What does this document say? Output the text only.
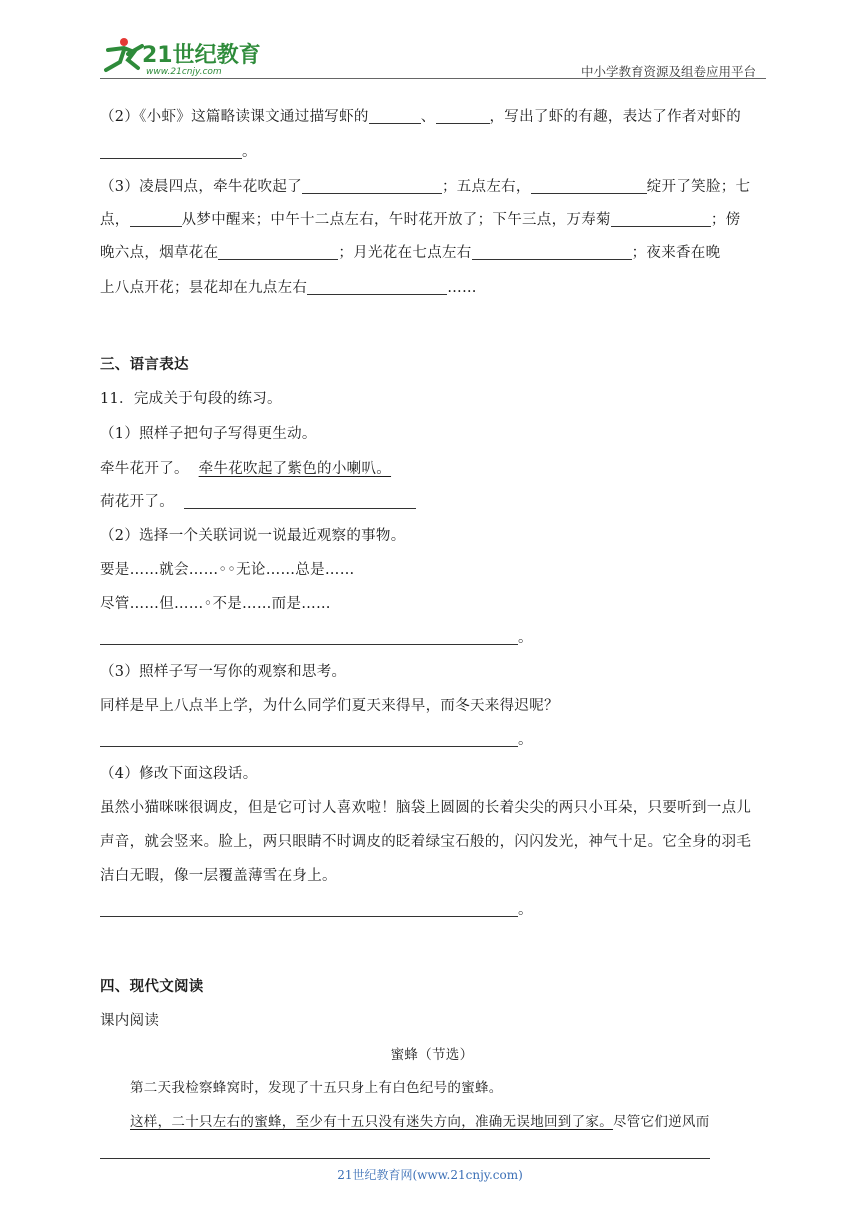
21世纪教育
www.21cnjy.com	中小学教育资源及组卷应用平台
（2）《小虾》这篇略读课文通过描写虾的	、	，写出了虾的有趣，表达了作者对虾的
。
（3）凌晨四点，牵牛花吹起了	；五点左右，	绽开了笑脸；七
点，	从梦中醒来；中午十二点左右，午时花开放了；下午三点，万寿菊	；傍
晚六点，烟草花在	；月光花在七点左右	；夜来香在晚
上八点开花；昙花却在九点左右	……
三、语言表达
11．完成关于句段的练习。
（1）照样子把句子写得更生动。
牵牛花开了。 牵牛花吹起了紫色的小喇叭。
荷花开了。
（2）选择一个关联词说一说最近观察的事物。
要是……就会……◦◦无论……总是……
尽管……但……◦不是……而是……
。
（3）照样子写一写你的观察和思考。
同样是早上八点半上学，为什么同学们夏天来得早，而冬天来得迟呢？
。
（4）修改下面这段话。
虽然小猫咪咪很调皮，但是它可讨人喜欢啦！脑袋上圆圆的长着尖尖的两只小耳朵，只要听到一点儿
声音，就会竖来。脸上，两只眼睛不时调皮的眨着绿宝石般的，闪闪发光，神气十足。它全身的羽毛
洁白无暇，像一层覆盖薄雪在身上。
。
四、现代文阅读
课内阅读
蜜蜂（节选）
第二天我检察蜂窝时，发现了十五只身上有白色纪号的蜜蜂。
这样，二十只左右的蜜蜂，至少有十五只没有迷失方向，准确无误地回到了家。尽管它们逆风而
21世纪教育网(www.21cnjy.com)
